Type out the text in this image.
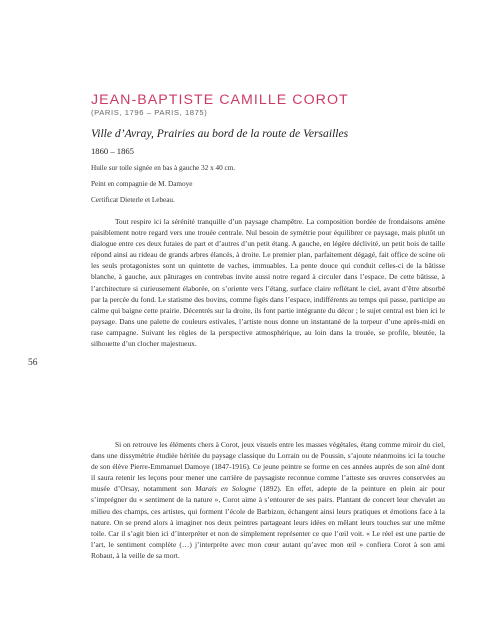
JEAN-BAPTISTE CAMILLE COROT
(PARIS, 1796 – PARIS, 1875)
Ville d’Avray, Prairies au bord de la route de Versailles
1860 – 1865
Huile sur toile signée en bas à gauche 32 x 40 cm.
Peint en compagnie de M. Damoye
Certificat Dieterle et Lebeau.

Tout respire ici la sérénité tranquille d’un paysage champêtre. La composition bordée de frondaisons amène paisiblement notre regard vers une trouée centrale. Nul besoin de symétrie pour équilibrer ce paysage, mais plutôt un dialogue entre ces deux futaies de part et d’autres d’un petit étang. A gauche, en légère déclivité, un petit bois de taille répond ainsi au rideau de grands arbres élancés, à droite. Le premier plan, parfaitement dégagé, fait office de scène où les seuls protagonistes sont un quintette de vaches, immuables. La pente douce qui conduit celles-ci de la bâtisse blanche, à gauche, aux pâturages en contrebas invite aussi notre regard à circuler dans l’espace. De cette bâtisse, à l’architecture si curieusement élaborée, on s’oriente vers l’étang, surface claire reflétant le ciel, avant d’être absorbé par la percée du fond. Le statisme des bovins, comme figés dans l’espace, indifférents au temps qui passe, participe au calme qui baigne cette prairie. Décentrés sur la droite, ils font partie intégrante du décor ; le sujet central est bien ici le paysage. Dans une palette de couleurs estivales, l’artiste nous donne un instantané de la torpeur d’une après-midi en rase campagne. Suivant les règles de la perspective atmosphérique, au loin dans la trouée, se profile, bleutée, la silhouette d’un clocher majestueux.

Si on retrouve les éléments chers à Corot, jeux visuels entre les masses végétales, étang comme miroir du ciel, dans une dissymétrie étudiée héritée du paysage classique du Lorrain ou de Poussin, s’ajoute néanmoins ici la touche de son élève Pierre-Emmanuel Damoye (1847-1916). Ce jeune peintre se forme en ces années auprès de son aîné dont il saura retenir les leçons pour mener une carrière de paysagiste reconnue comme l’atteste ses œuvres conservées au musée d’Orsay, notamment son Marais en Sologne (1892). En effet, adepte de la peinture en plein air pour s’imprégner du « sentiment de la nature », Corot aime à s’entourer de ses pairs. Plantant de concert leur chevalet au milieu des champs, ces artistes, qui forment l’école de Barbizon, échangent ainsi leurs pratiques et émotions face à la nature. On se prend alors à imaginer nos deux peintres partageant leurs idées en mêlant leurs touches sur une même toile. Car il s’agit bien ici d’interpréter et non de simplement représenter ce que l’œil voit. « Le réel est une partie de l’art, le sentiment complète (…) j’interprète avec mon cœur autant qu’avec mon œil » confiera Corot à son ami Robaut, à la veille de sa mort.

56
